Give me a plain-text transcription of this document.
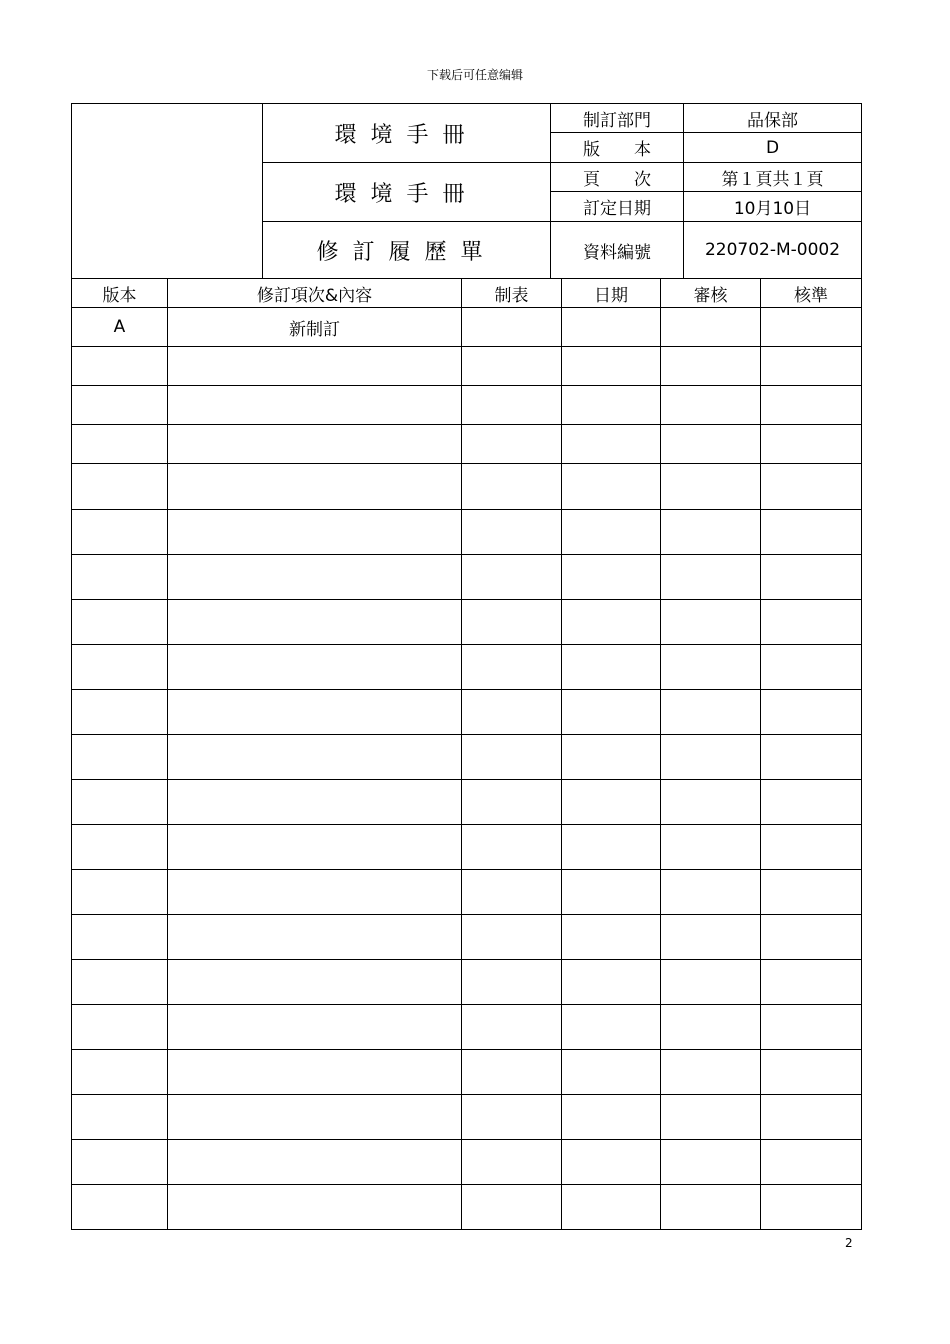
下载后可任意编辑
	環境手冊	制訂部門	品保部
		版　　本	D
	環境手冊	頁　　次	第１頁共１頁
		訂定日期	10月10日
	修訂履歷單	資料編號	220702-M-0002
版本	修訂項次&內容	制表	日期	審核	核準
A	新制訂				

2
